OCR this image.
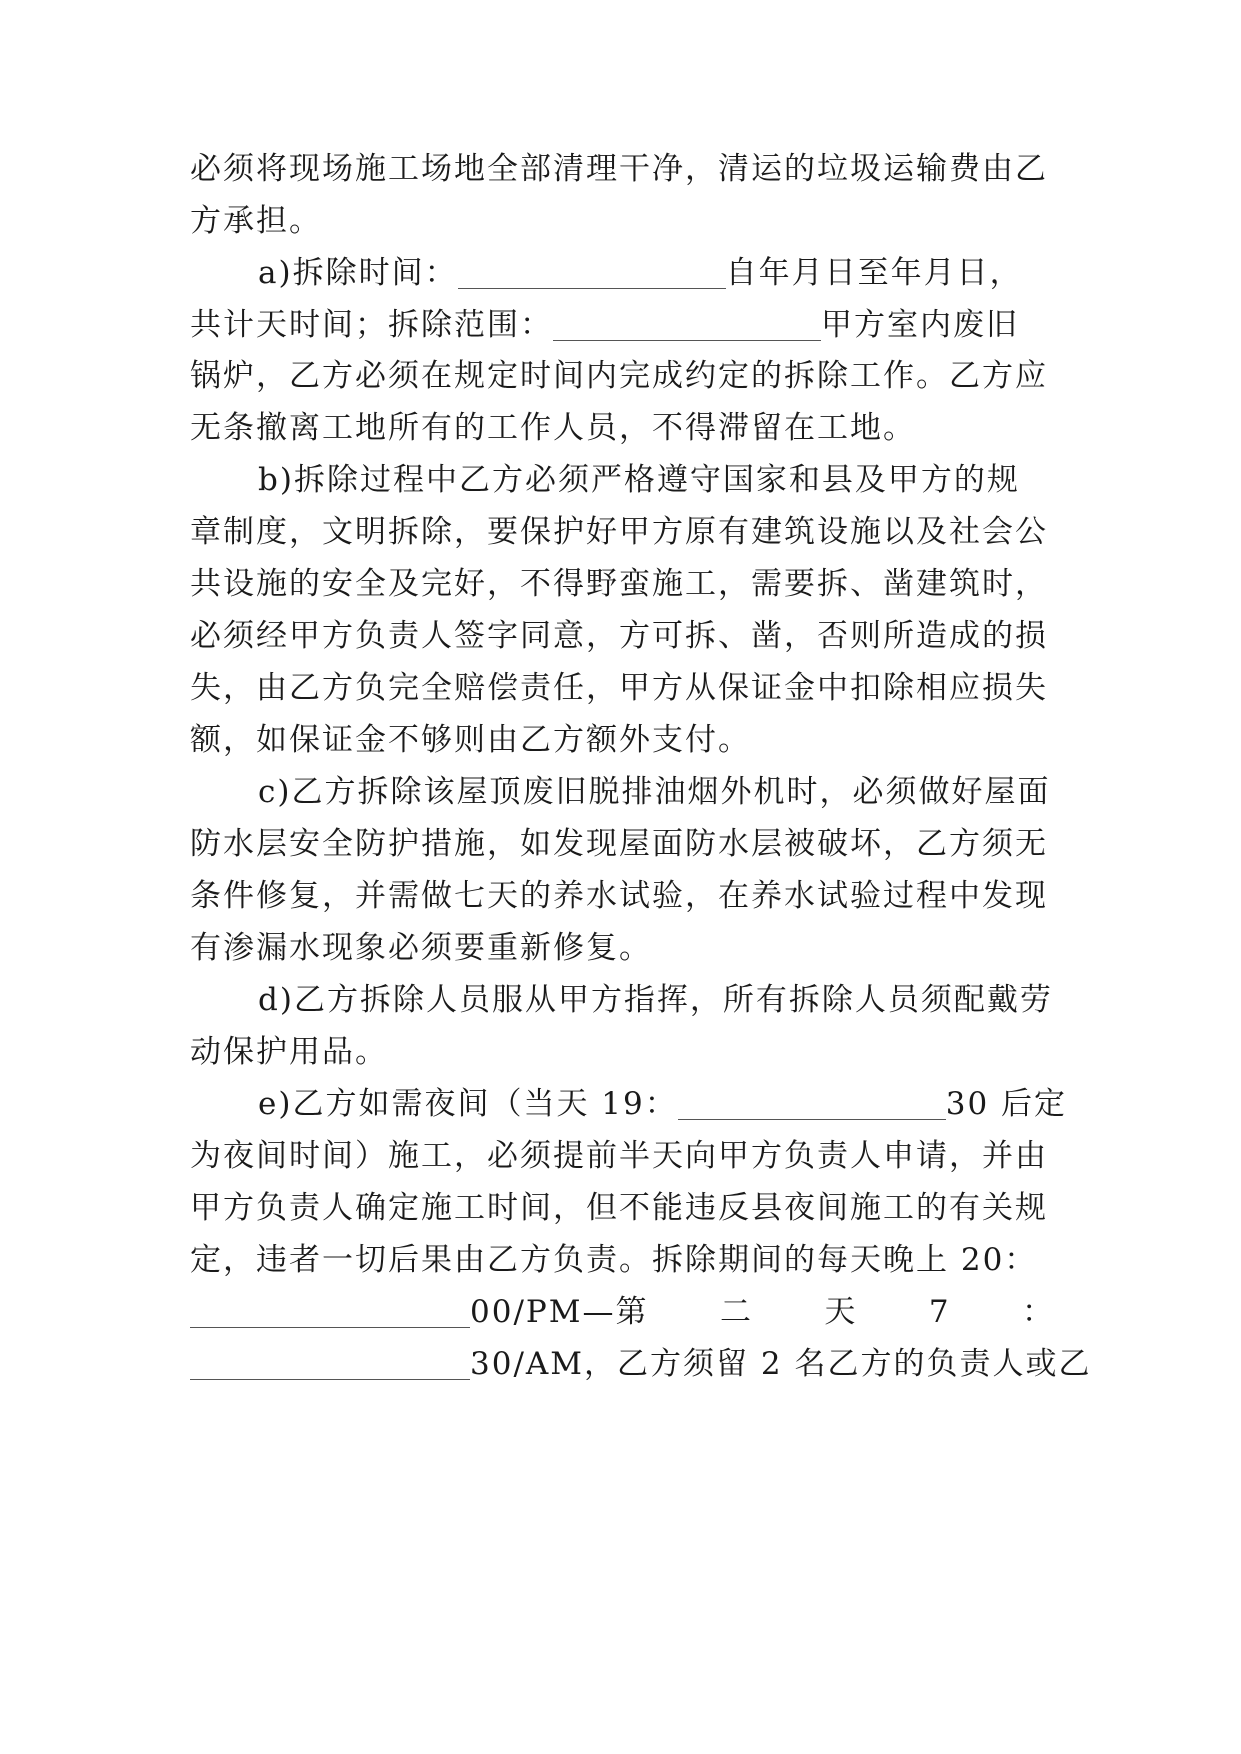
必须将现场施工场地全部清理干净，清运的垃圾运输费由乙
方承担。
a)拆除时间：	自年月日至年月日，
共计天时间；拆除范围：	甲方室内废旧
锅炉，乙方必须在规定时间内完成约定的拆除工作。乙方应
无条撤离工地所有的工作人员，不得滞留在工地。
b)拆除过程中乙方必须严格遵守国家和县及甲方的规
章制度，文明拆除，要保护好甲方原有建筑设施以及社会公
共设施的安全及完好，不得野蛮施工，需要拆、凿建筑时，
必须经甲方负责人签字同意，方可拆、凿，否则所造成的损
失，由乙方负完全赔偿责任，甲方从保证金中扣除相应损失
额，如保证金不够则由乙方额外支付。
c)乙方拆除该屋顶废旧脱排油烟外机时，必须做好屋面
防水层安全防护措施，如发现屋面防水层被破坏，乙方须无
条件修复，并需做七天的养水试验，在养水试验过程中发现
有渗漏水现象必须要重新修复。
d)乙方拆除人员服从甲方指挥，所有拆除人员须配戴劳
动保护用品。
e)乙方如需夜间（当天 19：	30 后定
为夜间时间）施工，必须提前半天向甲方负责人申请，并由
甲方负责人确定施工时间，但不能违反县夜间施工的有关规
定，违者一切后果由乙方负责。拆除期间的每天晚上 20：
00/PM—第 二 天 7 ：
30/AM，乙方须留 2 名乙方的负责人或乙
